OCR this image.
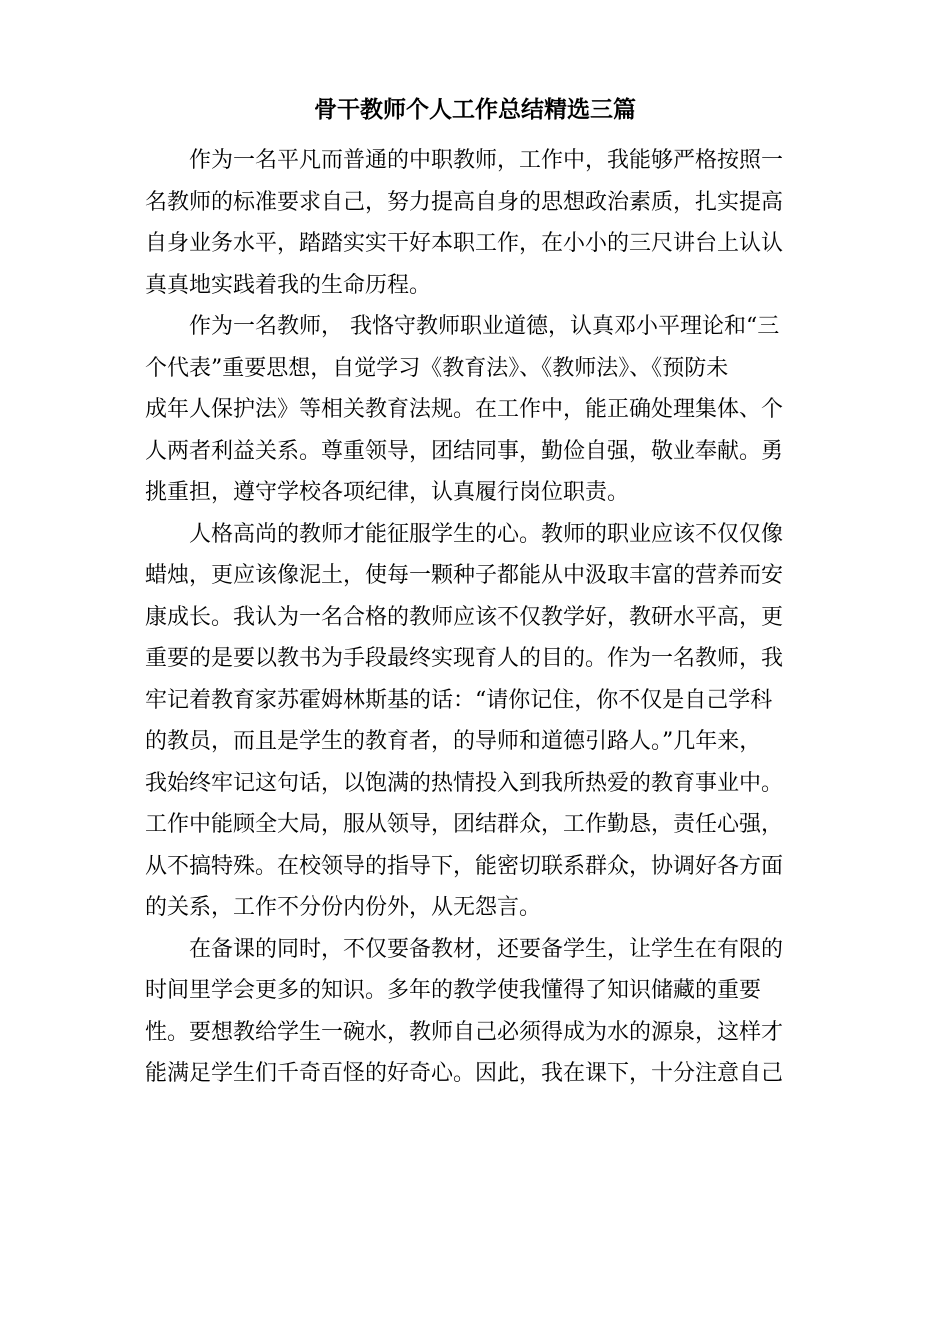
骨干教师个人工作总结精选三篇

作为一名平凡而普通的中职教师，工作中，我能够严格按照一
名教师的标准要求自己，努力提高自身的思想政治素质，扎实提高
自身业务水平，踏踏实实干好本职工作，在小小的三尺讲台上认认
真真地实践着我的生命历程。

作为一名教师， 我恪守教师职业道德，认真邓小平理论和“三
个代表”重要思想，自觉学习《教育法》、《教师法》、《预防未
成年人保护法》等相关教育法规。在工作中，能正确处理集体、个
人两者利益关系。尊重领导，团结同事，勤俭自强，敬业奉献。勇
挑重担，遵守学校各项纪律，认真履行岗位职责。

人格高尚的教师才能征服学生的心。教师的职业应该不仅仅像
蜡烛，更应该像泥土，使每一颗种子都能从中汲取丰富的营养而安
康成长。我认为一名合格的教师应该不仅教学好，教研水平高，更
重要的是要以教书为手段最终实现育人的目的。作为一名教师，我
牢记着教育家苏霍姆林斯基的话：“请你记住，你不仅是自己学科
的教员，而且是学生的教育者，的导师和道德引路人。”几年来，
我始终牢记这句话，以饱满的热情投入到我所热爱的教育事业中。
工作中能顾全大局，服从领导，团结群众，工作勤恳，责任心强，
从不搞特殊。在校领导的指导下，能密切联系群众，协调好各方面
的关系，工作不分份内份外，从无怨言。

在备课的同时，不仅要备教材，还要备学生，让学生在有限的
时间里学会更多的知识。多年的教学使我懂得了知识储藏的重要
性。要想教给学生一碗水，教师自己必须得成为水的源泉，这样才
能满足学生们千奇百怪的好奇心。因此，我在课下，十分注意自己
